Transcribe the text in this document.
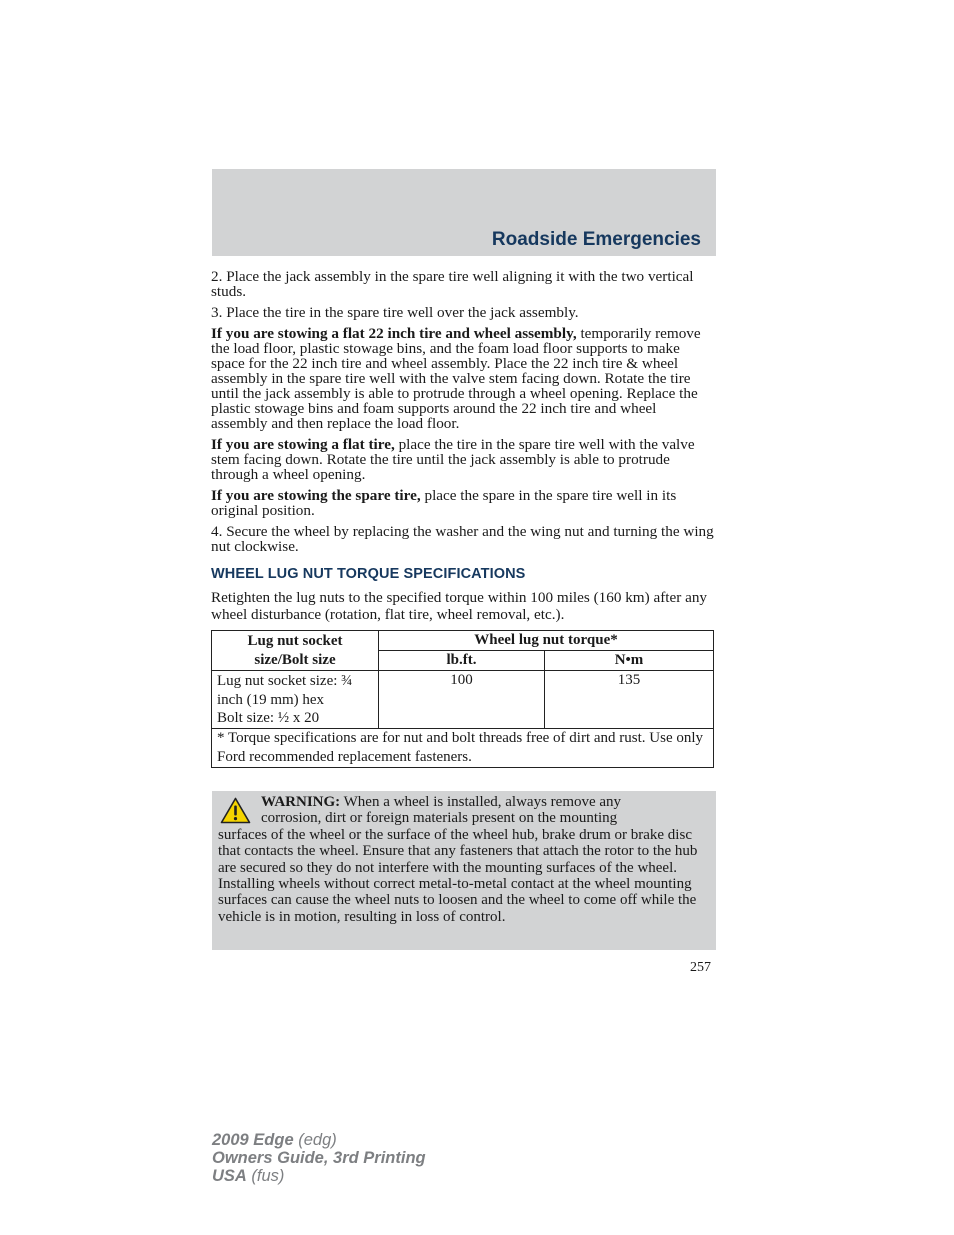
Roadside Emergencies

2. Place the jack assembly in the spare tire well aligning it with the two vertical studs.

3. Place the tire in the spare tire well over the jack assembly.

If you are stowing a flat 22 inch tire and wheel assembly, temporarily remove the load floor, plastic stowage bins, and the foam load floor supports to make space for the 22 inch tire and wheel assembly. Place the 22 inch tire & wheel assembly in the spare tire well with the valve stem facing down. Rotate the tire until the jack assembly is able to protrude through a wheel opening. Replace the plastic stowage bins and foam supports around the 22 inch tire and wheel assembly and then replace the load floor.

If you are stowing a flat tire, place the tire in the spare tire well with the valve stem facing down. Rotate the tire until the jack assembly is able to protrude through a wheel opening.

If you are stowing the spare tire, place the spare in the spare tire well in its original position.

4. Secure the wheel by replacing the washer and the wing nut and turning the wing nut clockwise.

WHEEL LUG NUT TORQUE SPECIFICATIONS

Retighten the lug nuts to the specified torque within 100 miles (160 km) after any wheel disturbance (rotation, flat tire, wheel removal, etc.).

Lug nut socket
size/Bolt size	Wheel lug nut torque*	
	lb.ft.	N•m

Lug nut socket size: ¾
inch (19 mm) hex
Bolt size: ½ x 20	100	135
* Torque specifications are for nut and bolt threads free of dirt and rust. Use only Ford recommended replacement fasteners.		
WARNING: When a wheel is installed, always remove any
corrosion, dirt or foreign materials present on the mounting
surfaces of the wheel or the surface of the wheel hub, brake drum or brake disc that contacts the wheel. Ensure that any fasteners that attach the rotor to the hub are secured so they do not interfere with the mounting surfaces of the wheel. Installing wheels without correct metal-to-metal contact at the wheel mounting surfaces can cause the wheel nuts to loosen and the wheel to come off while the vehicle is in motion, resulting in loss of control.
257
2009 Edge (edg)
Owners Guide, 3rd Printing
USA (fus)
